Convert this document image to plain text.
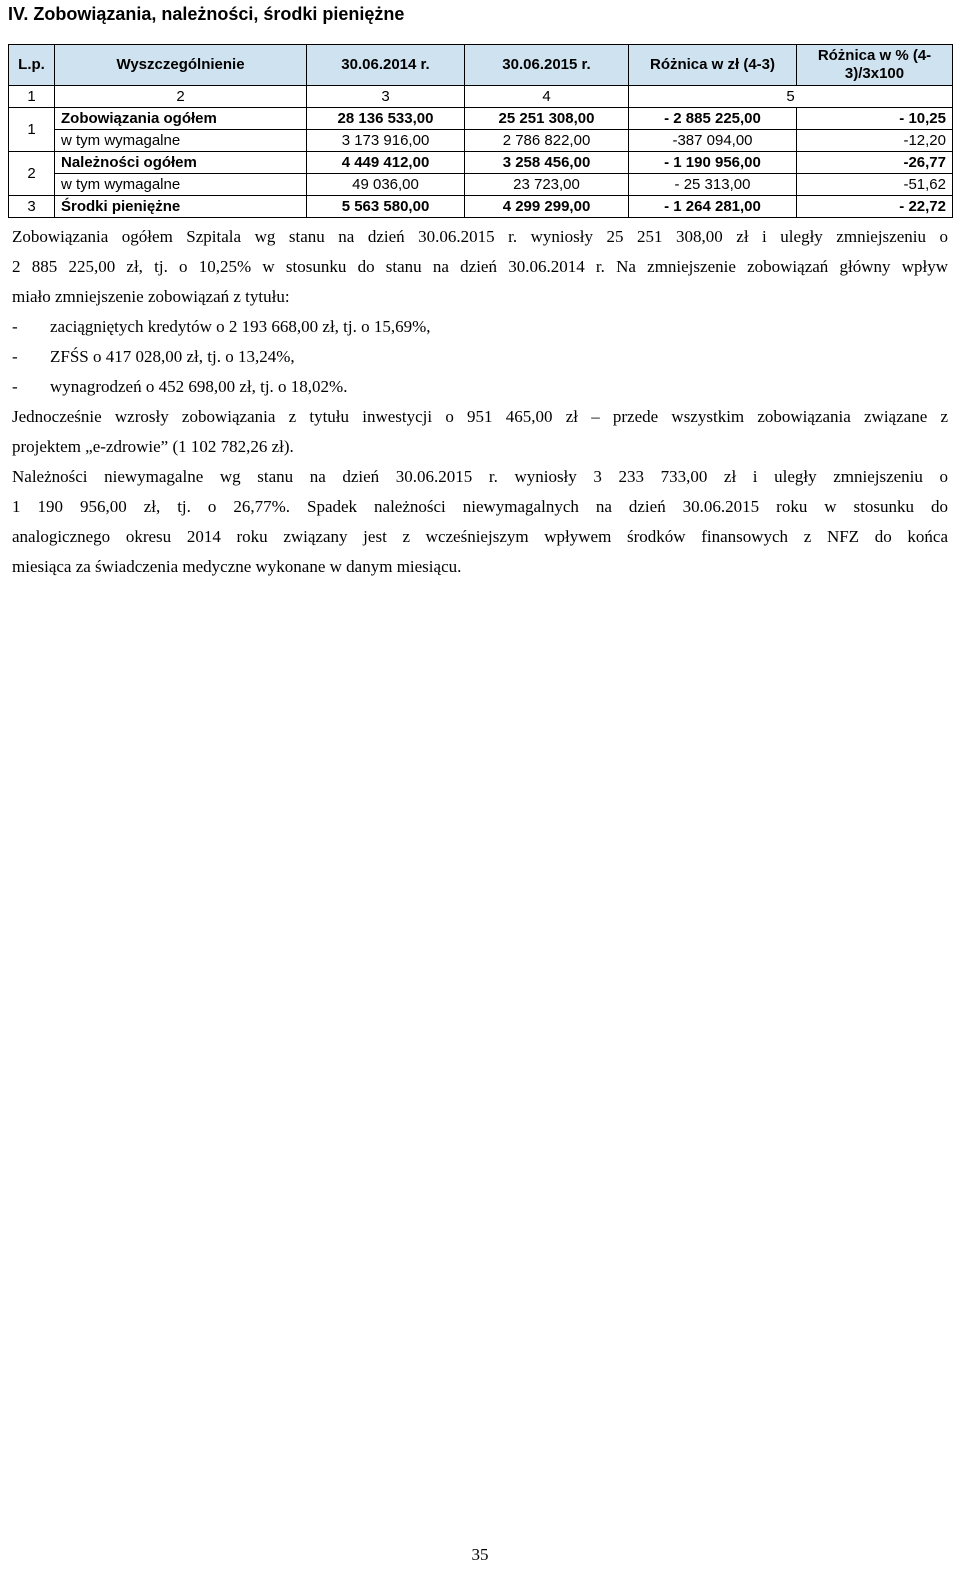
IV. Zobowiązania, należności, środki pieniężne
L.p.	Wyszczególnienie	30.06.2014 r.	30.06.2015 r.	Różnica w zł (4-3)	Różnica w % (4-3)/3x100
1	2	3	4	5	
1	Zobowiązania ogółem	28 136 533,00	25 251 308,00	- 2 885 225,00	- 10,25
	w tym wymagalne	3 173 916,00	2 786 822,00	-387 094,00	-12,20
2	Należności ogółem	4 449 412,00	3 258 456,00	- 1 190 956,00	-26,77
	w tym wymagalne	49 036,00	23 723,00	- 25 313,00	-51,62
3	Środki pieniężne	5 563 580,00	4 299 299,00	- 1 264 281,00	- 22,72

Zobowiązania ogółem Szpitala wg stanu na dzień 30.06.2015 r. wyniosły 25 251 308,00 zł i uległy zmniejszeniu o

2 885 225,00 zł, tj. o 10,25% w stosunku do stanu na dzień 30.06.2014 r. Na zmniejszenie zobowiązań główny wpływ

miało zmniejszenie zobowiązań z tytułu:

-	zaciągniętych kredytów o 2 193 668,00 zł, tj. o 15,69%,
-	ZFŚS o 417 028,00 zł, tj. o 13,24%,
-	wynagrodzeń o 452 698,00 zł, tj. o 18,02%.

Jednocześnie wzrosły zobowiązania z tytułu inwestycji o 951 465,00 zł – przede wszystkim zobowiązania związane z

projektem „e-zdrowie” (1 102 782,26 zł).

Należności niewymagalne wg stanu na dzień 30.06.2015 r. wyniosły 3 233 733,00 zł i uległy zmniejszeniu o

1 190 956,00 zł, tj. o 26,77%. Spadek należności niewymagalnych na dzień 30.06.2015 roku w stosunku do

analogicznego okresu 2014 roku związany jest z wcześniejszym wpływem środków finansowych z NFZ do końca

miesiąca za świadczenia medyczne wykonane w danym miesiącu.

35
